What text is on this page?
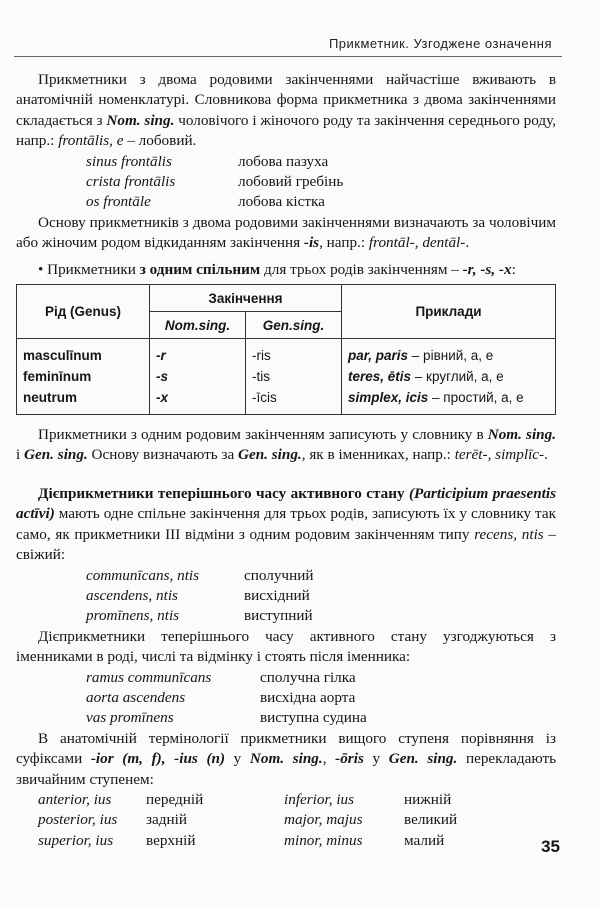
Прикметник. Узгоджене означення

Прикметники з двома родовими закінченнями найчастіше вживають в анатомічній номенклатурі. Словникова форма прикметника з двома закінченнями складається з Nom. sing. чоловічого і жіночого роду та закінчення середнього роду, напр.: frontālis, e – лобовий.

sinus frontālis	лобова пазуха
crista frontālis	лобовий гребінь
os frontāle	лобова кістка

Основу прикметників з двома родовими закінченнями визначають за чоловічим або жіночим родом відкиданням закінчення -is, напр.: frontāl-, dentāl-.

• Прикметники з одним спільним для трьох родів закінченням – -r, -s, -x:

Рід (Genus)	Закінчення		Приклади
	Nom.sing.	Gen.sing.	
masculīnum	-r	-ris	par, paris – рівний, a, e
feminīnum	-s	-tis	teres, ētis – круглий, a, e
neutrum	-x	-īcis	simplex, icis – простий, a, e

Прикметники з одним родовим закінченням записують у словнику в Nom. sing. і Gen. sing. Основу визначають за Gen. sing., як в іменниках, напр.: terēt-, simplīc-.

Дієприкметники теперішнього часу активного стану (Participium praesentis actīvi) мають одне спільне закінчення для трьох родів, записують їх у словнику так само, як прикметники III відміни з одним родовим закінченням типу recens, ntis – свіжий:

communīcans, ntis	сполучний
ascendens, ntis	висхідний
promīnens, ntis	виступний

Дієприкметники теперішнього часу активного стану узгоджуються з іменниками в роді, числі та відмінку і стоять після іменника:

ramus communīcans	сполучна гілка
aorta ascendens	висхідна аорта
vas promīnens	виступна судина

В анатомічній термінології прикметники вищого ступеня порівняння із суфіксами -ior (m, f), -ius (n) у Nom. sing., -ōris у Gen. sing. перекладають звичайним ступенем:

anterior, ius	передній	inferior, ius	нижній
posterior, ius	задній	major, majus	великий
superior, ius	верхній	minor, minus	малий	35
